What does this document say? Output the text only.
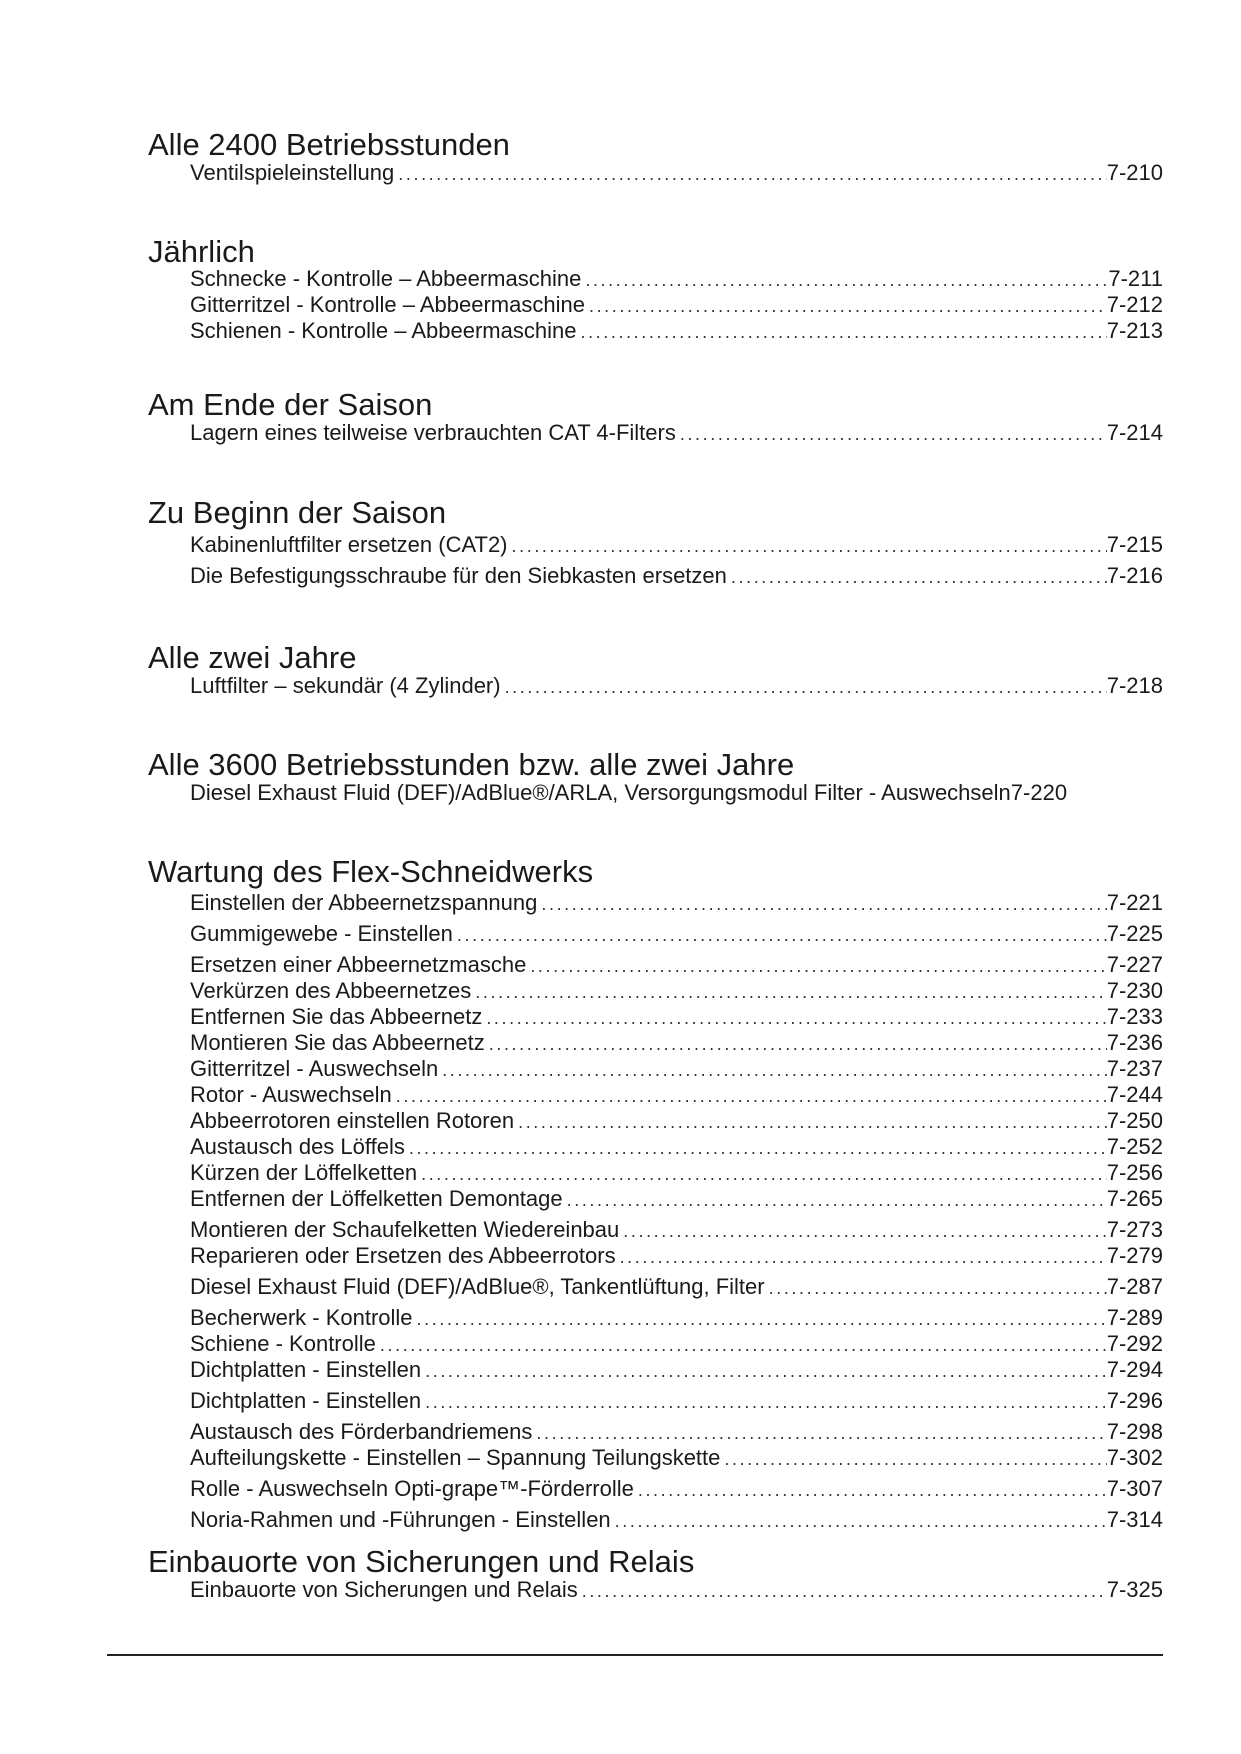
Alle 2400 Betriebsstunden
Ventilspieleinstellung .....	7-210
Jährlich
Schnecke - Kontrolle – Abbeermaschine .....	7-211
Gitterritzel - Kontrolle – Abbeermaschine .....	7-212
Schienen - Kontrolle – Abbeermaschine .....	7-213
Am Ende der Saison
Lagern eines teilweise verbrauchten CAT 4-Filters .....	7-214
Zu Beginn der Saison
Kabinenluftfilter ersetzen (CAT2) .....	7-215
Die Befestigungsschraube für den Siebkasten ersetzen .....	7-216
Alle zwei Jahre
Luftfilter – sekundär (4 Zylinder) .....	7-218
Alle 3600 Betriebsstunden bzw. alle zwei Jahre
Diesel Exhaust Fluid (DEF)/AdBlue®/ARLA, Versorgungsmodul Filter - Auswechseln 7-220
Wartung des Flex-Schneidwerks
Einstellen der Abbeernetzspannung .....	7-221
Gummigewebe - Einstellen .....	7-225
Ersetzen einer Abbeernetzmasche .....	7-227
Verkürzen des Abbeernetzes .....	7-230
Entfernen Sie das Abbeernetz .....	7-233
Montieren Sie das Abbeernetz .....	7-236
Gitterritzel - Auswechseln .....	7-237
Rotor - Auswechseln .....	7-244
Abbeerrotoren einstellen Rotoren .....	7-250
Austausch des Löffels .....	7-252
Kürzen der Löffelketten .....	7-256
Entfernen der Löffelketten Demontage .....	7-265
Montieren der Schaufelketten Wiedereinbau .....	7-273
Reparieren oder Ersetzen des Abbeerrotors .....	7-279
Diesel Exhaust Fluid (DEF)/AdBlue®, Tankentlüftung, Filter .....	7-287
Becherwerk - Kontrolle .....	7-289
Schiene - Kontrolle .....	7-292
Dichtplatten - Einstellen .....	7-294
Dichtplatten - Einstellen .....	7-296
Austausch des Förderbandriemens .....	7-298
Aufteilungskette - Einstellen – Spannung Teilungskette .....	7-302
Rolle - Auswechseln Opti-grape™-Förderrolle .....	7-307
Noria-Rahmen und -Führungen - Einstellen .....	7-314
Einbauorte von Sicherungen und Relais
Einbauorte von Sicherungen und Relais .....	7-325
